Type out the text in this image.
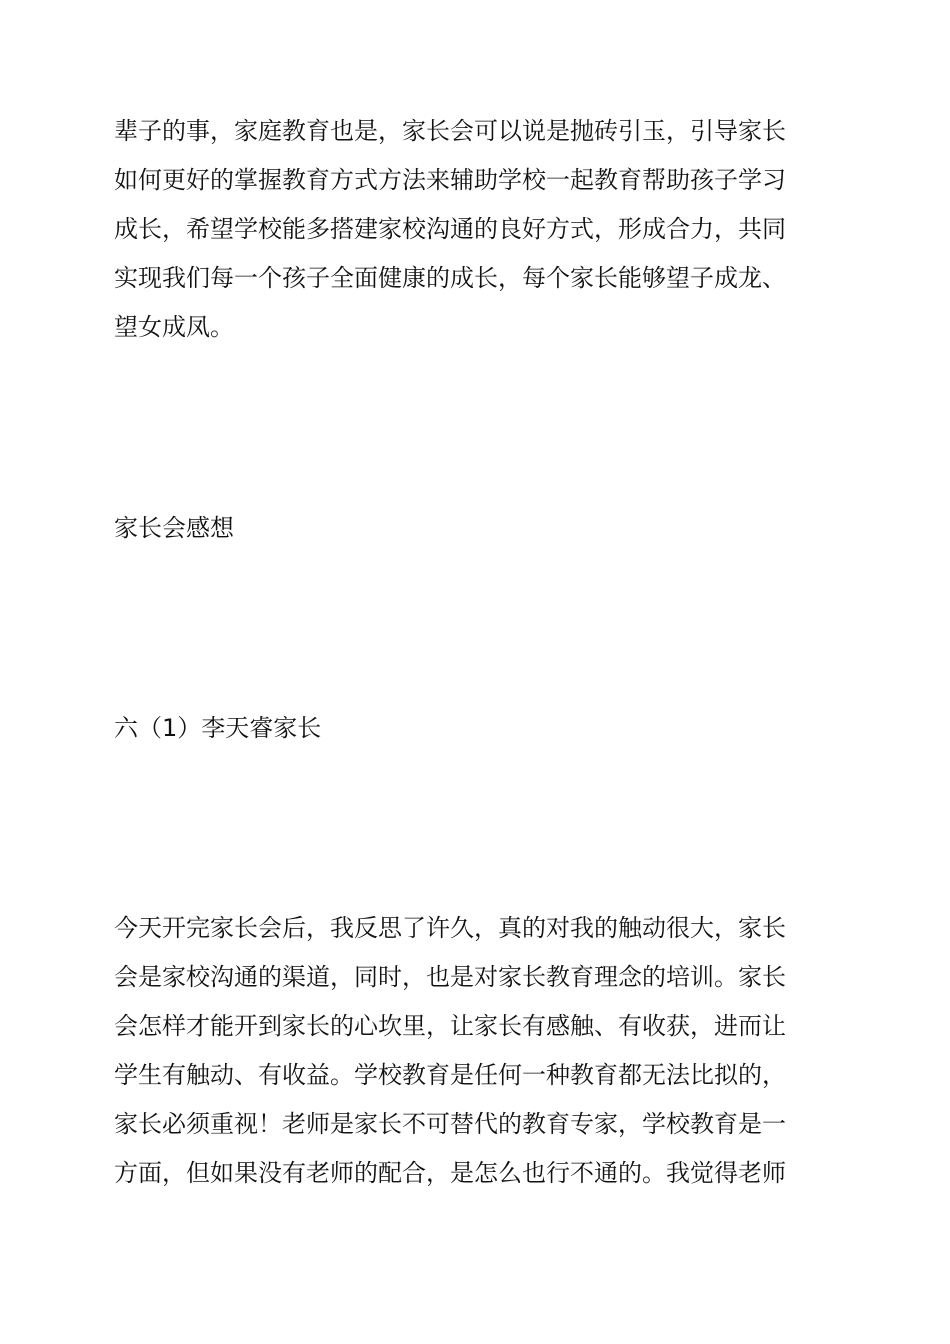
辈子的事，家庭教育也是，家长会可以说是抛砖引玉，引导家长
如何更好的掌握教育方式方法来辅助学校一起教育帮助孩子学习
成长，希望学校能多搭建家校沟通的良好方式，形成合力，共同
实现我们每一个孩子全面健康的成长，每个家长能够望子成龙、
望女成凤。

家长会感想

六（1）李天睿家长

今天开完家长会后，我反思了许久，真的对我的触动很大，家长
会是家校沟通的渠道，同时，也是对家长教育理念的培训。家长
会怎样才能开到家长的心坎里，让家长有感触、有收获，进而让
学生有触动、有收益。学校教育是任何一种教育都无法比拟的，
家长必须重视！老师是家长不可替代的教育专家，学校教育是一
方面，但如果没有老师的配合，是怎么也行不通的。我觉得老师
